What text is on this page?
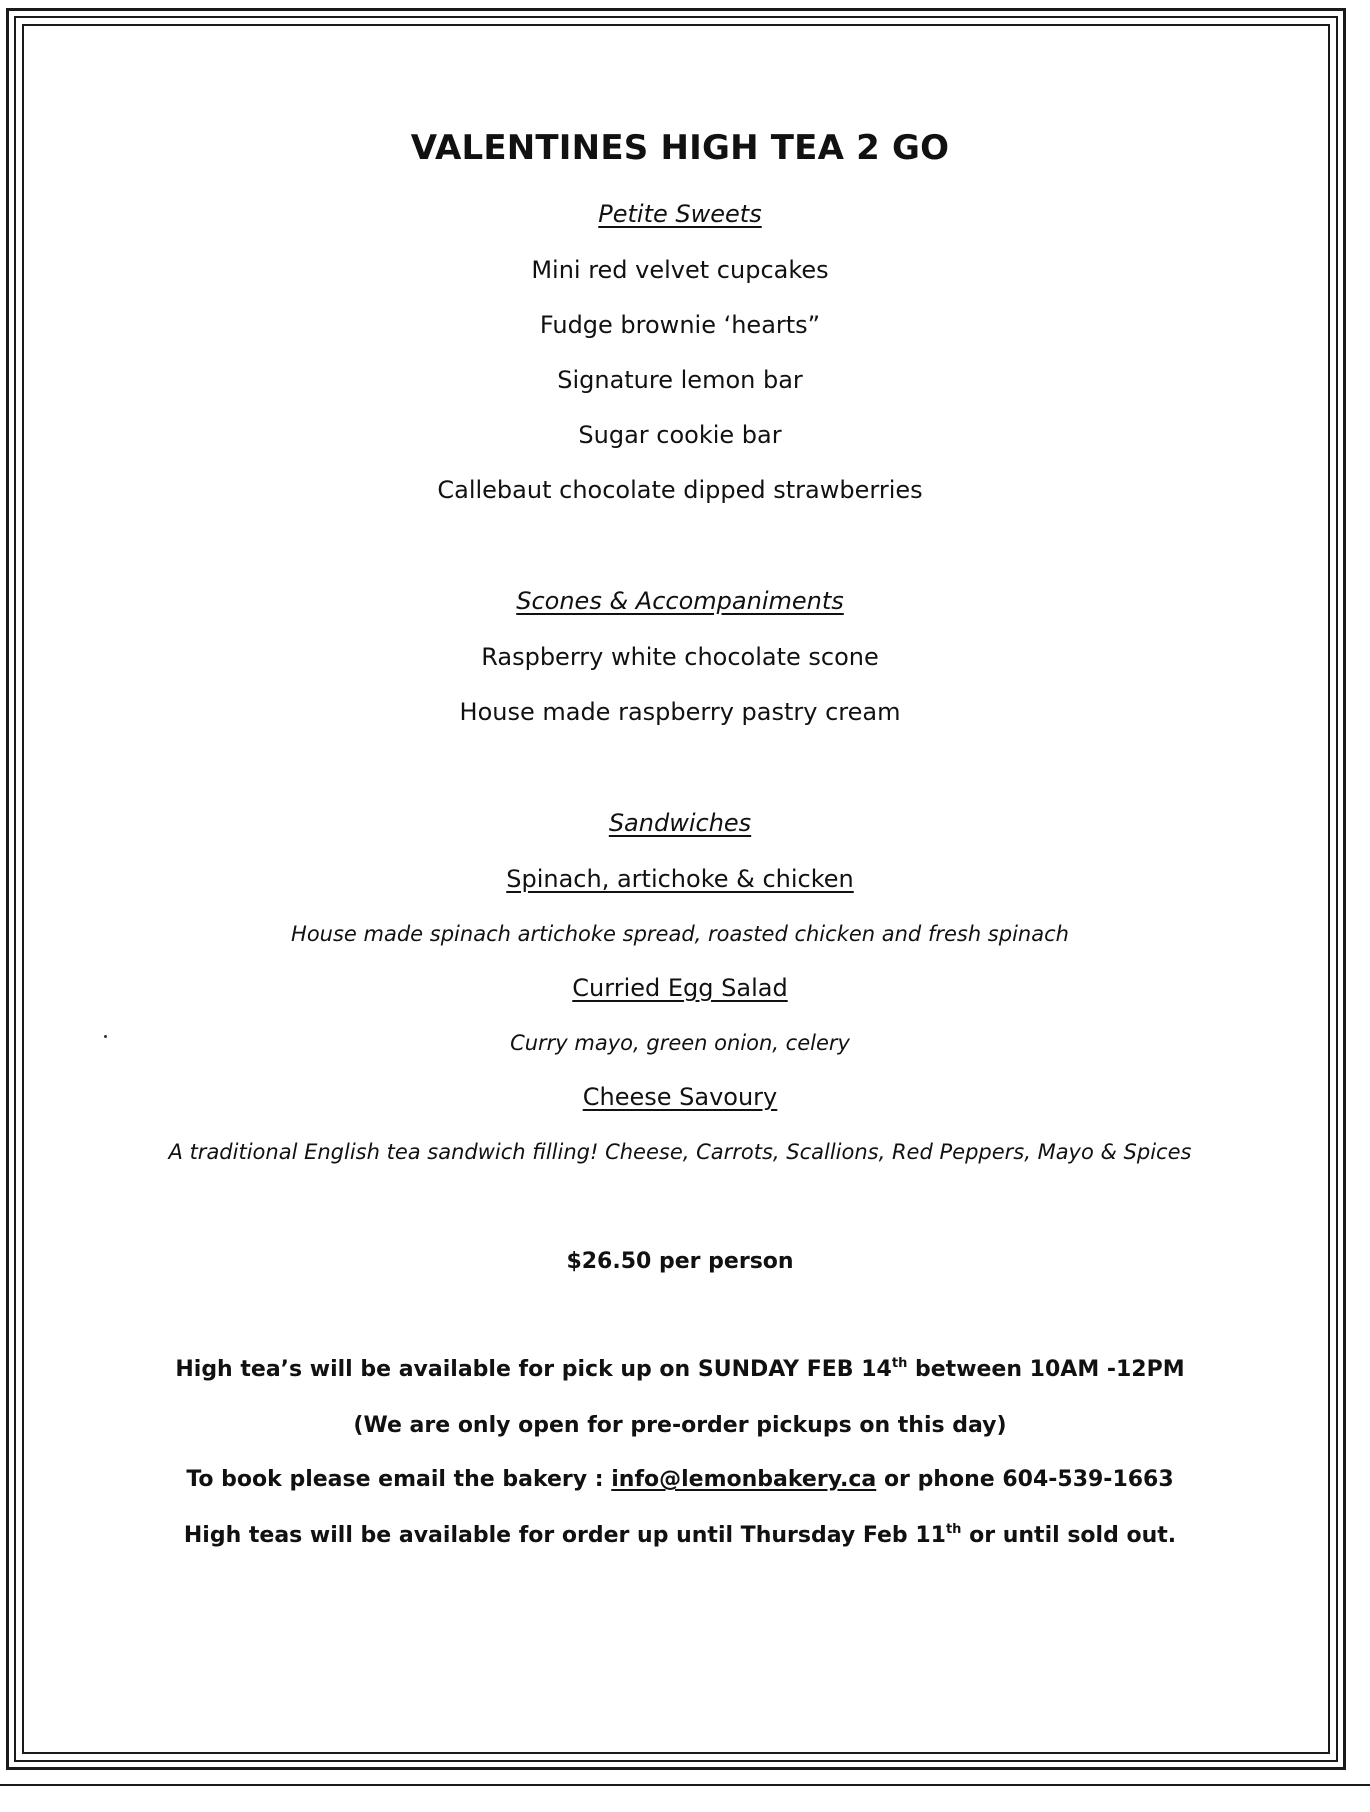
VALENTINES HIGH TEA 2 GO
Petite Sweets
Mini red velvet cupcakes
Fudge brownie ‘hearts”
Signature lemon bar
Sugar cookie bar
Callebaut chocolate dipped strawberries
Scones & Accompaniments
Raspberry white chocolate scone
House made raspberry pastry cream
Sandwiches
Spinach, artichoke & chicken
House made spinach artichoke spread, roasted chicken and fresh spinach
Curried Egg Salad
Curry mayo, green onion, celery
Cheese Savoury
A traditional English tea sandwich filling! Cheese, Carrots, Scallions, Red Peppers, Mayo & Spices
$26.50 per person
High tea’s will be available for pick up on SUNDAY FEB 14th between 10AM -12PM
(We are only open for pre-order pickups on this day)
To book please email the bakery : info@lemonbakery.ca or phone 604-539-1663
High teas will be available for order up until Thursday Feb 11th or until sold out.
